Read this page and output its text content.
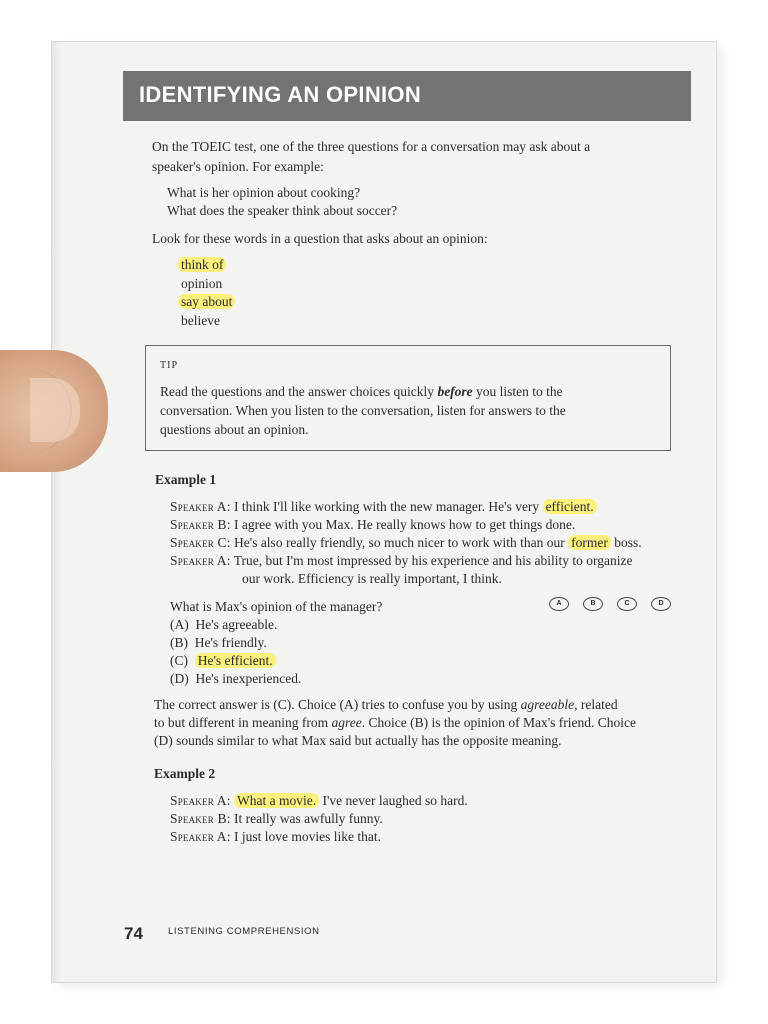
IDENTIFYING AN OPINION
On the TOEIC test, one of the three questions for a conversation may ask about a
speaker's opinion. For example:
What is her opinion about cooking?
What does the speaker think about soccer?
Look for these words in a question that asks about an opinion:
think of
opinion
say about
believe
TIP
Read the questions and the answer choices quickly before you listen to the
conversation. When you listen to the conversation, listen for answers to the
questions about an opinion.
Example 1
Speaker A: I think I'll like working with the new manager. He's very efficient.
Speaker B: I agree with you Max. He really knows how to get things done.
Speaker C: He's also really friendly, so much nicer to work with than our former boss.
Speaker A: True, but I'm most impressed by his experience and his ability to organize
our work. Efficiency is really important, I think.
What is Max's opinion of the manager?	A	B	C	D
(A) He's agreeable.
(B) He's friendly.
(C) He's efficient.
(D) He's inexperienced.
The correct answer is (C). Choice (A) tries to confuse you by using agreeable, related
to but different in meaning from agree. Choice (B) is the opinion of Max's friend. Choice
(D) sounds similar to what Max said but actually has the opposite meaning.
Example 2
Speaker A: What a movie. I've never laughed so hard.
Speaker B: It really was awfully funny.
Speaker A: I just love movies like that.
74	LISTENING COMPREHENSION
